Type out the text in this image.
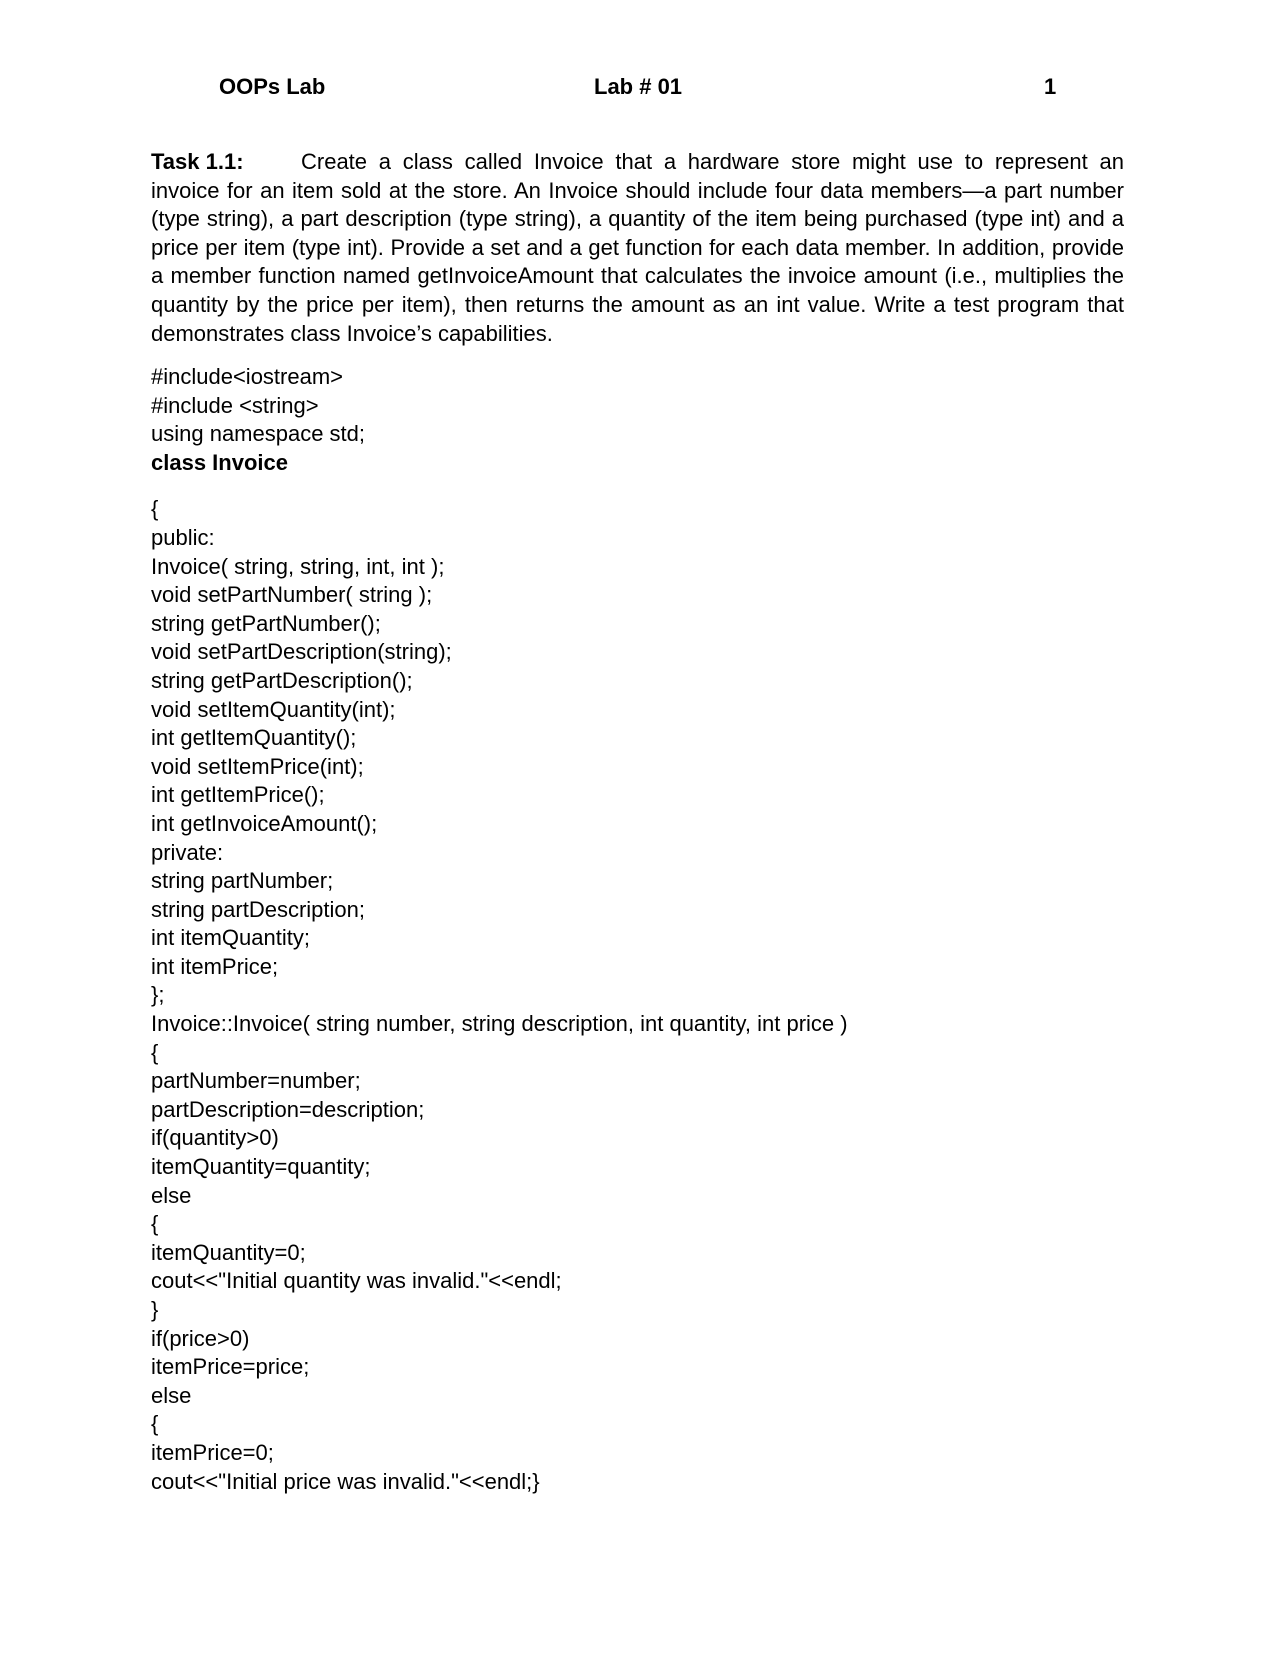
OOPs Lab	Lab # 01	1

Task 1.1:	Create a class called Invoice that a hardware store might use to represent an invoice for an item sold at the store. An Invoice should include four data members—a part number (type string), a part description (type string), a quantity of the item being purchased (type int) and a price per item (type int). Provide a set and a get function for each data member. In addition, provide a member function named getInvoiceAmount that calculates the invoice amount (i.e., multiplies the quantity by the price per item), then returns the amount as an int value. Write a test program that demonstrates class Invoice’s capabilities.

#include<iostream>
#include <string>
using namespace std;
class Invoice
{
public:
Invoice( string, string, int, int );
void setPartNumber( string );
string getPartNumber();
void setPartDescription(string);
string getPartDescription();
void setItemQuantity(int);
int getItemQuantity();
void setItemPrice(int);
int getItemPrice();
int getInvoiceAmount();
private:
string partNumber;
string partDescription;
int itemQuantity;
int itemPrice;
};
Invoice::Invoice( string number, string description, int quantity, int price )
{
partNumber=number;
partDescription=description;
if(quantity>0)
itemQuantity=quantity;
else
{
itemQuantity=0;
cout<<"Initial quantity was invalid."<<endl;
}
if(price>0)
itemPrice=price;
else
{
itemPrice=0;
cout<<"Initial price was invalid."<<endl;}
